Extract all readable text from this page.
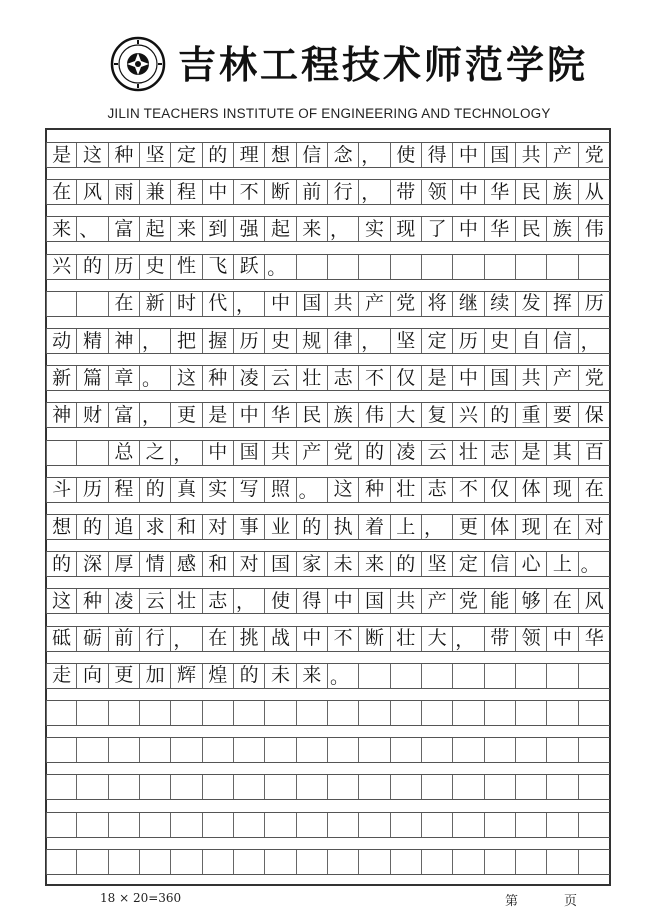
吉林工程技术师范学院
JILIN TEACHERS INSTITUTE OF ENGINEERING AND TECHNOLOGY
是 这 种 坚 定 的 理 想 信 念 ， 使 得 中 国 共 产 党
在 风 雨 兼 程 中 不 断 前 行 ， 带 领 中 华 民 族 从
来 、 富 起 来 到 强 起 来 ， 实 现 了 中 华 民 族 伟
兴 的 历 史 性 飞 跃 。
在 新 时 代 ， 中 国 共 产 党 将 继 续 发 挥 历
动 精 神 ， 把 握 历 史 规 律 ， 坚 定 历 史 自 信 ，
新 篇 章 。 这 种 凌 云 壮 志 不 仅 是 中 国 共 产 党
神 财 富 ， 更 是 中 华 民 族 伟 大 复 兴 的 重 要 保
总 之 ， 中 国 共 产 党 的 凌 云 壮 志 是 其 百
斗 历 程 的 真 实 写 照 。 这 种 壮 志 不 仅 体 现 在
想 的 追 求 和 对 事 业 的 执 着 上 ， 更 体 现 在 对
的 深 厚 情 感 和 对 国 家 未 来 的 坚 定 信 心 上 。
这 种 凌 云 壮 志 ， 使 得 中 国 共 产 党 能 够 在 风
砥 砺 前 行 ， 在 挑 战 中 不 断 壮 大 ， 带 领 中 华
走 向 更 加 辉 煌 的 未 来 。
18 × 20=360	第	页
